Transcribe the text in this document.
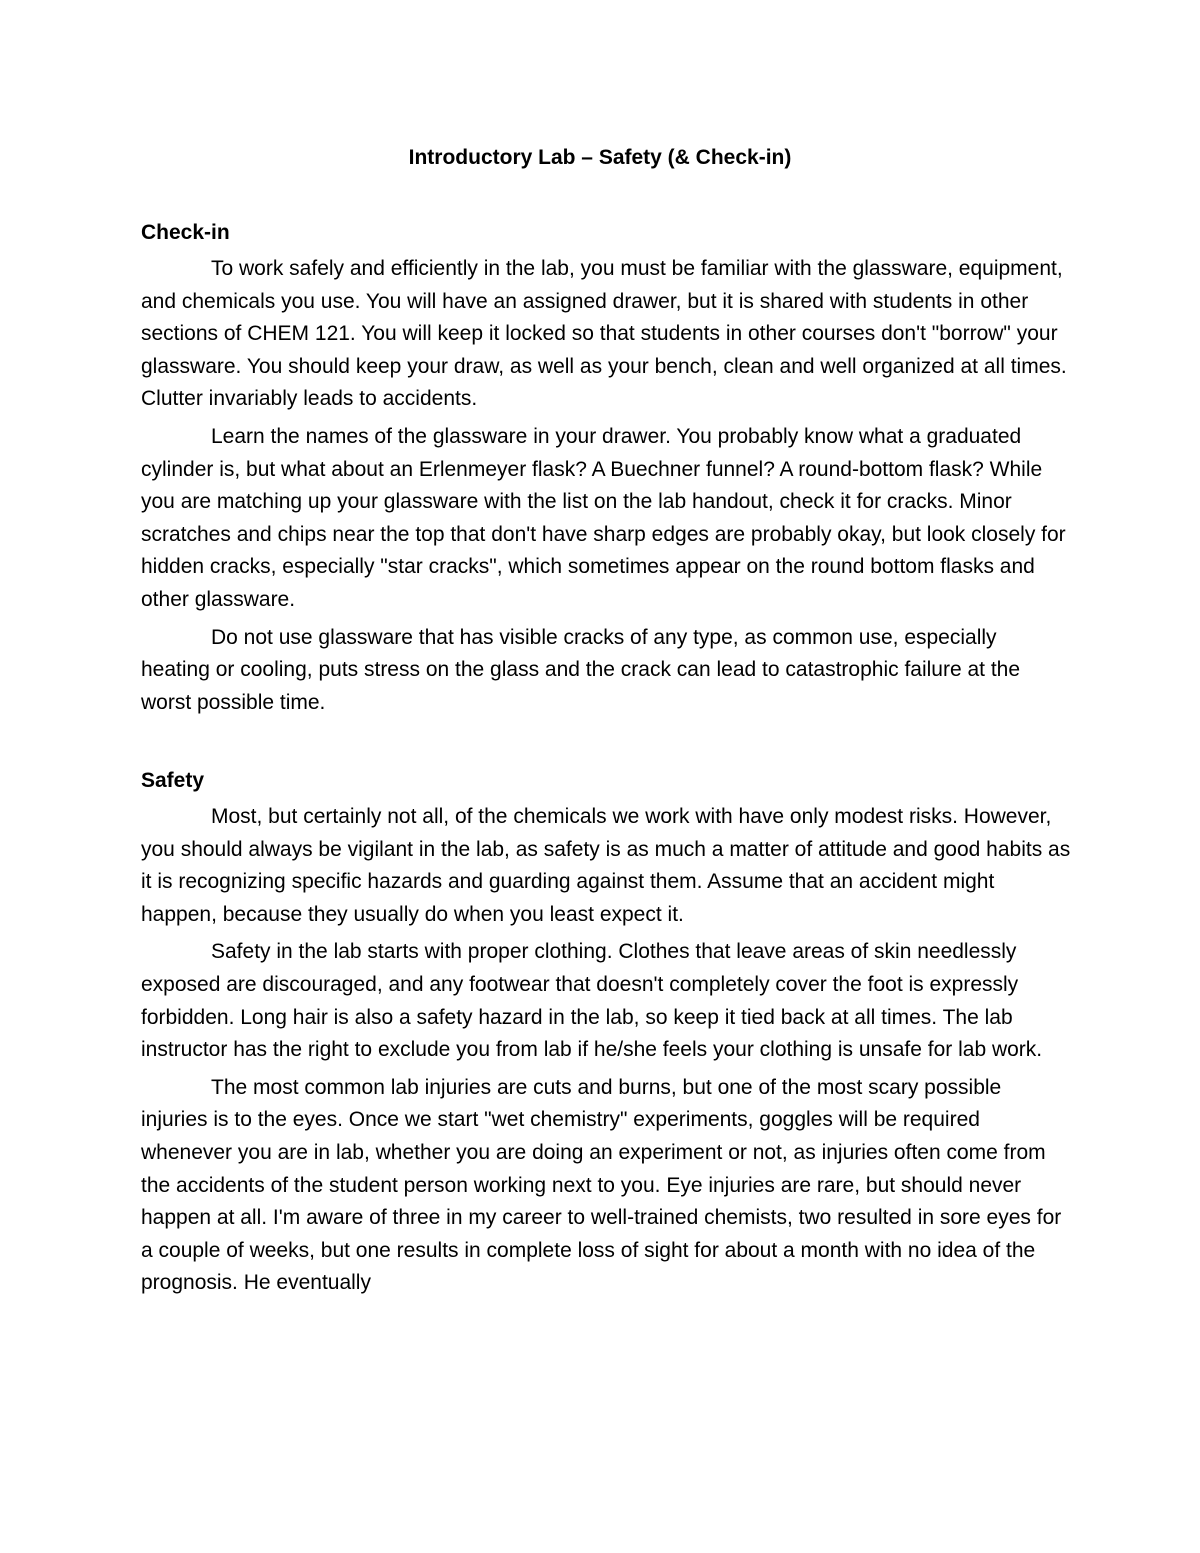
Introductory Lab – Safety (& Check-in)
Check-in

To work safely and efficiently in the lab, you must be familiar with the glassware, equipment, and chemicals you use. You will have an assigned drawer, but it is shared with students in other sections of CHEM 121. You will keep it locked so that students in other courses don't "borrow" your glassware. You should keep your draw, as well as your bench, clean and well organized at all times. Clutter invariably leads to accidents.

Learn the names of the glassware in your drawer. You probably know what a graduated cylinder is, but what about an Erlenmeyer flask? A Buechner funnel? A round-bottom flask? While you are matching up your glassware with the list on the lab handout, check it for cracks. Minor scratches and chips near the top that don't have sharp edges are probably okay, but look closely for hidden cracks, especially "star cracks", which sometimes appear on the round bottom flasks and other glassware.

Do not use glassware that has visible cracks of any type, as common use, especially heating or cooling, puts stress on the glass and the crack can lead to catastrophic failure at the worst possible time.

Safety

Most, but certainly not all, of the chemicals we work with have only modest risks. However, you should always be vigilant in the lab, as safety is as much a matter of attitude and good habits as it is recognizing specific hazards and guarding against them. Assume that an accident might happen, because they usually do when you least expect it.

Safety in the lab starts with proper clothing. Clothes that leave areas of skin needlessly exposed are discouraged, and any footwear that doesn't completely cover the foot is expressly forbidden. Long hair is also a safety hazard in the lab, so keep it tied back at all times. The lab instructor has the right to exclude you from lab if he/she feels your clothing is unsafe for lab work.

The most common lab injuries are cuts and burns, but one of the most scary possible injuries is to the eyes. Once we start "wet chemistry" experiments, goggles will be required whenever you are in lab, whether you are doing an experiment or not, as injuries often come from the accidents of the student person working next to you. Eye injuries are rare, but should never happen at all. I'm aware of three in my career to well-trained chemists, two resulted in sore eyes for a couple of weeks, but one results in complete loss of sight for about a month with no idea of the prognosis. He eventually
